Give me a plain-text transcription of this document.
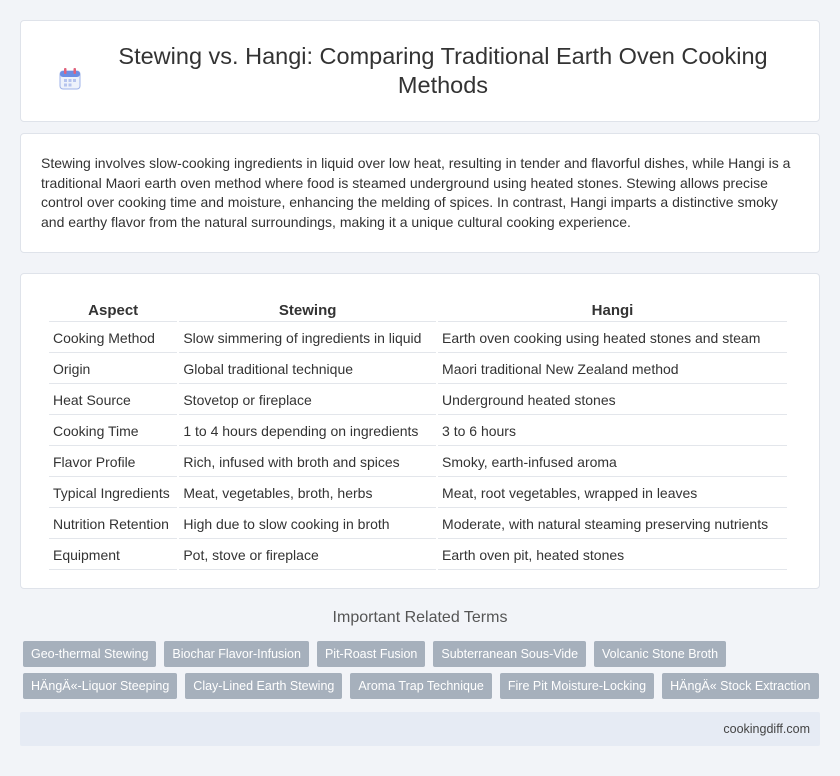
Stewing vs. Hangi: Comparing Traditional Earth Oven Cooking Methods

Stewing involves slow-cooking ingredients in liquid over low heat, resulting in tender and flavorful dishes, while Hangi is a traditional Maori earth oven method where food is steamed underground using heated stones. Stewing allows precise control over cooking time and moisture, enhancing the melding of spices. In contrast, Hangi imparts a distinctive smoky and earthy flavor from the natural surroundings, making it a unique cultural cooking experience.

Aspect	Stewing	Hangi
Cooking Method	Slow simmering of ingredients in liquid	Earth oven cooking using heated stones and steam
Origin	Global traditional technique	Maori traditional New Zealand method
Heat Source	Stovetop or fireplace	Underground heated stones
Cooking Time	1 to 4 hours depending on ingredients	3 to 6 hours
Flavor Profile	Rich, infused with broth and spices	Smoky, earth-infused aroma
Typical Ingredients	Meat, vegetables, broth, herbs	Meat, root vegetables, wrapped in leaves
Nutrition Retention	High due to slow cooking in broth	Moderate, with natural steaming preserving nutrients
Equipment	Pot, stove or fireplace	Earth oven pit, heated stones
Important Related Terms
Geo-thermal Stewing	Biochar Flavor-Infusion	Pit-Roast Fusion	Subterranean Sous-Vide	Volcanic Stone Broth
HÄngÄ«-Liquor Steeping	Clay-Lined Earth Stewing	Aroma Trap Technique	Fire Pit Moisture-Locking	HÄngÄ« Stock Extraction
cookingdiff.com
